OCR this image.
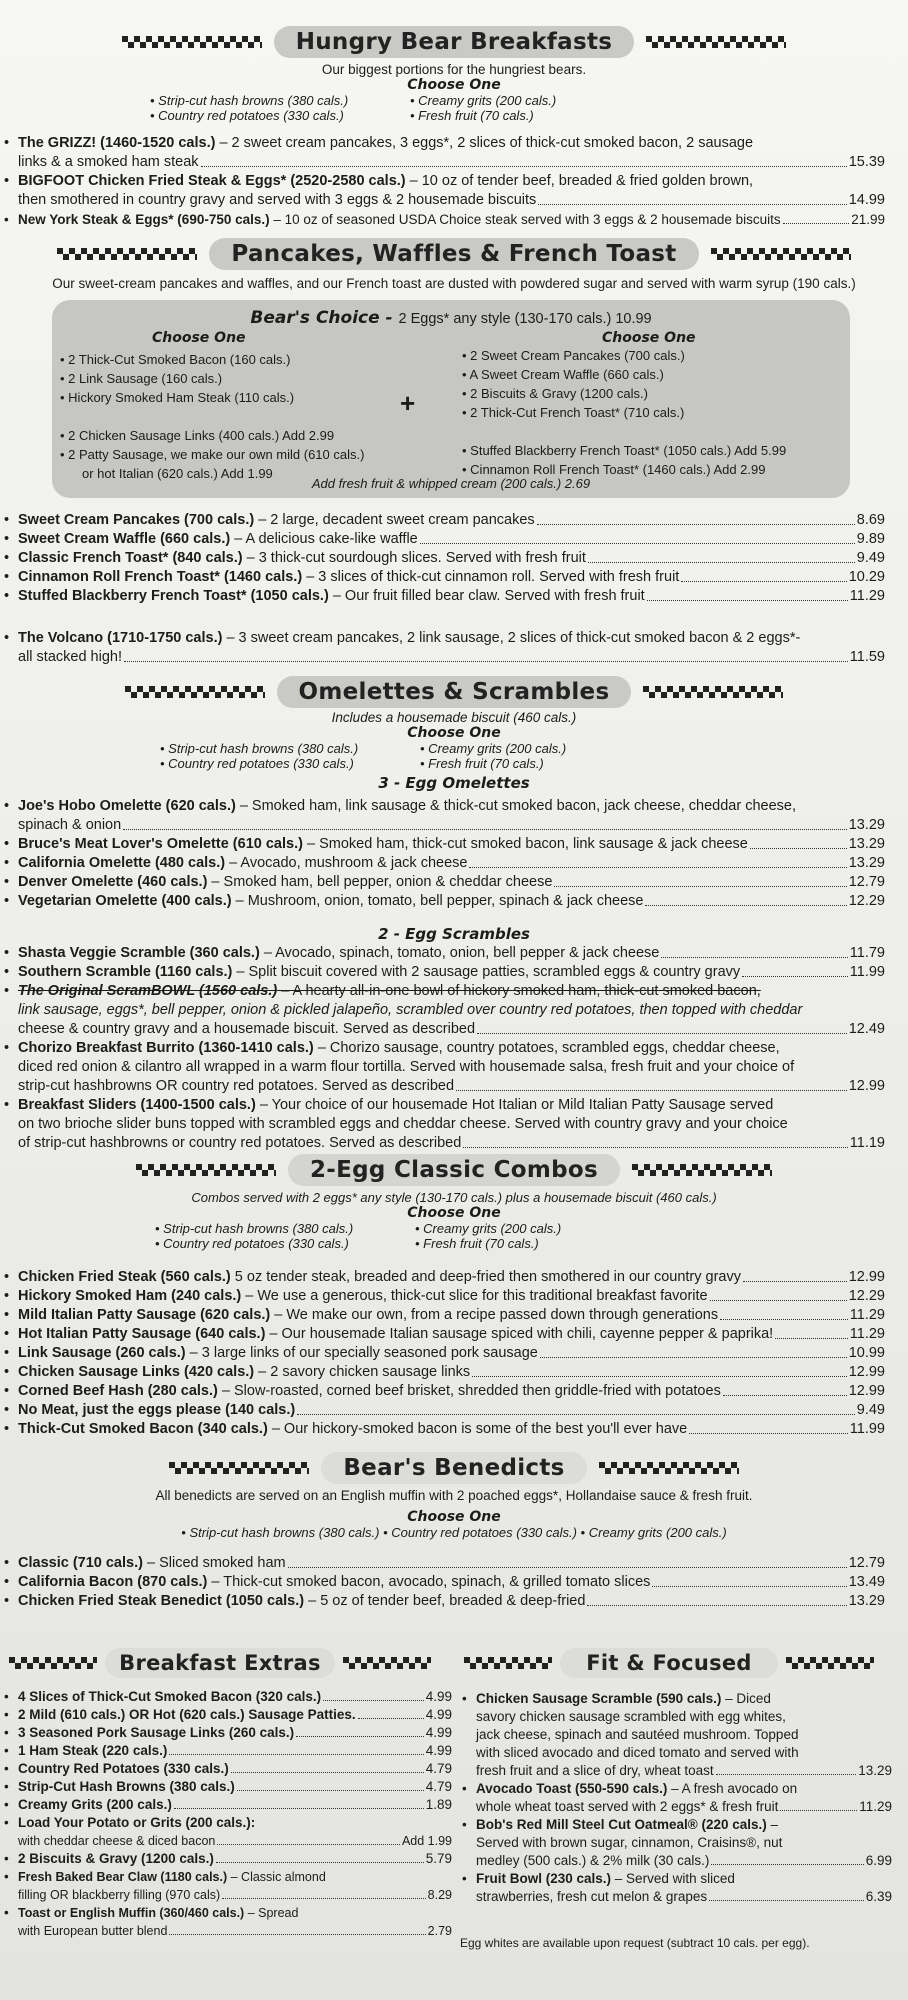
Hungry Bear Breakfasts
Our biggest portions for the hungriest bears.
Choose One
• Strip-cut hash browns (380 cals.)	• Creamy grits (200 cals.)
• Country red potatoes (330 cals.)	• Fresh fruit (70 cals.)
• The GRIZZ! (1460-1520 cals.) – 2 sweet cream pancakes, 3 eggs*, 2 slices of thick-cut smoked bacon, 2 sausage
links & a smoked ham steak	15.39
• BIGFOOT Chicken Fried Steak & Eggs* (2520-2580 cals.) – 10 oz of tender beef, breaded & fried golden brown,
then smothered in country gravy and served with 3 eggs & 2 housemade biscuits	14.99
• New York Steak & Eggs* (690-750 cals.) – 10 oz of seasoned USDA Choice steak served with 3 eggs & 2 housemade biscuits	21.99
Pancakes, Waffles & French Toast
Our sweet-cream pancakes and waffles, and our French toast are dusted with powdered sugar and served with warm syrup (190 cals.)
Bear's Choice - 2 Eggs* any style (130-170 cals.) 10.99
Choose One	Choose One
• 2 Thick-Cut Smoked Bacon (160 cals.)
• 2 Link Sausage (160 cals.)
• Hickory Smoked Ham Steak (110 cals.)
• 2 Chicken Sausage Links (400 cals.) Add 2.99
• 2 Patty Sausage, we make our own mild (610 cals.)
or hot Italian (620 cals.) Add 1.99
+
• 2 Sweet Cream Pancakes (700 cals.)
• A Sweet Cream Waffle (660 cals.)
• 2 Biscuits & Gravy (1200 cals.)
• 2 Thick-Cut French Toast* (710 cals.)
• Stuffed Blackberry French Toast* (1050 cals.) Add 5.99
• Cinnamon Roll French Toast* (1460 cals.) Add 2.99
Add fresh fruit & whipped cream (200 cals.) 2.69
• Sweet Cream Pancakes (700 cals.) – 2 large, decadent sweet cream pancakes	8.69
• Sweet Cream Waffle (660 cals.) – A delicious cake-like waffle	9.89
• Classic French Toast* (840 cals.) – 3 thick-cut sourdough slices. Served with fresh fruit	9.49
• Cinnamon Roll French Toast* (1460 cals.) – 3 slices of thick-cut cinnamon roll. Served with fresh fruit	10.29
• Stuffed Blackberry French Toast* (1050 cals.) – Our fruit filled bear claw. Served with fresh fruit	11.29
• The Volcano (1710-1750 cals.) – 3 sweet cream pancakes, 2 link sausage, 2 slices of thick-cut smoked bacon & 2 eggs*-
all stacked high!	11.59
Omelettes & Scrambles
Includes a housemade biscuit (460 cals.)
Choose One
• Strip-cut hash browns (380 cals.)	• Creamy grits (200 cals.)
• Country red potatoes (330 cals.)	• Fresh fruit (70 cals.)
3 - Egg Omelettes
• Joe's Hobo Omelette (620 cals.) – Smoked ham, link sausage & thick-cut smoked bacon, jack cheese, cheddar cheese,
spinach & onion	13.29
• Bruce's Meat Lover's Omelette (610 cals.) – Smoked ham, thick-cut smoked bacon, link sausage & jack cheese	13.29
• California Omelette (480 cals.) – Avocado, mushroom & jack cheese	13.29
• Denver Omelette (460 cals.) – Smoked ham, bell pepper, onion & cheddar cheese	12.79
• Vegetarian Omelette (400 cals.) – Mushroom, onion, tomato, bell pepper, spinach & jack cheese	12.29
2 - Egg Scrambles
• Shasta Veggie Scramble (360 cals.) – Avocado, spinach, tomato, onion, bell pepper & jack cheese	11.79
• Southern Scramble (1160 cals.) – Split biscuit covered with 2 sausage patties, scrambled eggs & country gravy	11.99
• The Original ScramBOWL (1560 cals.) – A hearty all-in-one bowl of hickory smoked ham, thick-cut smoked bacon,
link sausage, eggs*, bell pepper, onion & pickled jalapeño, scrambled over country red potatoes, then topped with cheddar
cheese & country gravy and a housemade biscuit. Served as described	12.49
• Chorizo Breakfast Burrito (1360-1410 cals.) – Chorizo sausage, country potatoes, scrambled eggs, cheddar cheese,
diced red onion & cilantro all wrapped in a warm flour tortilla. Served with housemade salsa, fresh fruit and your choice of
strip-cut hashbrowns OR country red potatoes. Served as described	12.99
• Breakfast Sliders (1400-1500 cals.) – Your choice of our housemade Hot Italian or Mild Italian Patty Sausage served
on two brioche slider buns topped with scrambled eggs and cheddar cheese. Served with country gravy and your choice
of strip-cut hashbrowns or country red potatoes. Served as described	11.19
2-Egg Classic Combos
Combos served with 2 eggs* any style (130-170 cals.) plus a housemade biscuit (460 cals.)
Choose One
• Strip-cut hash browns (380 cals.)	• Creamy grits (200 cals.)
• Country red potatoes (330 cals.)	• Fresh fruit (70 cals.)
• Chicken Fried Steak (560 cals.) 5 oz tender steak, breaded and deep-fried then smothered in our country gravy	12.99
• Hickory Smoked Ham (240 cals.) – We use a generous, thick-cut slice for this traditional breakfast favorite	12.29
• Mild Italian Patty Sausage (620 cals.) – We make our own, from a recipe passed down through generations	11.29
• Hot Italian Patty Sausage (640 cals.) – Our housemade Italian sausage spiced with chili, cayenne pepper & paprika!	11.29
• Link Sausage (260 cals.) – 3 large links of our specially seasoned pork sausage	10.99
• Chicken Sausage Links (420 cals.) – 2 savory chicken sausage links	12.99
• Corned Beef Hash (280 cals.) – Slow-roasted, corned beef brisket, shredded then griddle-fried with potatoes	12.99
• No Meat, just the eggs please (140 cals.)	9.49
• Thick-Cut Smoked Bacon (340 cals.) – Our hickory-smoked bacon is some of the best you'll ever have	11.99
Bear's Benedicts
All benedicts are served on an English muffin with 2 poached eggs*, Hollandaise sauce & fresh fruit.
Choose One
• Strip-cut hash browns (380 cals.) • Country red potatoes (330 cals.) • Creamy grits (200 cals.)
• Classic (710 cals.) – Sliced smoked ham	12.79
• California Bacon (870 cals.) – Thick-cut smoked bacon, avocado, spinach, & grilled tomato slices	13.49
• Chicken Fried Steak Benedict (1050 cals.) – 5 oz of tender beef, breaded & deep-fried	13.29
Breakfast Extras
• 4 Slices of Thick-Cut Smoked Bacon (320 cals.)	4.99
• 2 Mild (610 cals.) OR Hot (620 cals.) Sausage Patties.	4.99
• 3 Seasoned Pork Sausage Links (260 cals.)	4.99
• 1 Ham Steak (220 cals.)	4.99
• Country Red Potatoes (330 cals.)	4.79
• Strip-Cut Hash Browns (380 cals.)	4.79
• Creamy Grits (200 cals.)	1.89
• Load Your Potato or Grits (200 cals.):
with cheddar cheese & diced bacon	Add 1.99
• 2 Biscuits & Gravy (1200 cals.)	5.79
• Fresh Baked Bear Claw (1180 cals.) – Classic almond
filling OR blackberry filling (970 cals)	8.29
• Toast or English Muffin (360/460 cals.) – Spread
with European butter blend	2.79
Fit & Focused
• Chicken Sausage Scramble (590 cals.) – Diced
savory chicken sausage scrambled with egg whites,
jack cheese, spinach and sautéed mushroom. Topped
with sliced avocado and diced tomato and served with
fresh fruit and a slice of dry, wheat toast	13.29
• Avocado Toast (550-590 cals.) – A fresh avocado on
whole wheat toast served with 2 eggs* & fresh fruit	11.29
• Bob's Red Mill Steel Cut Oatmeal® (220 cals.) –
Served with brown sugar, cinnamon, Craisins®, nut
medley (500 cals.) & 2% milk (30 cals.)	6.99
• Fruit Bowl (230 cals.) – Served with sliced
strawberries, fresh cut melon & grapes	6.39
Egg whites are available upon request (subtract 10 cals. per egg).
